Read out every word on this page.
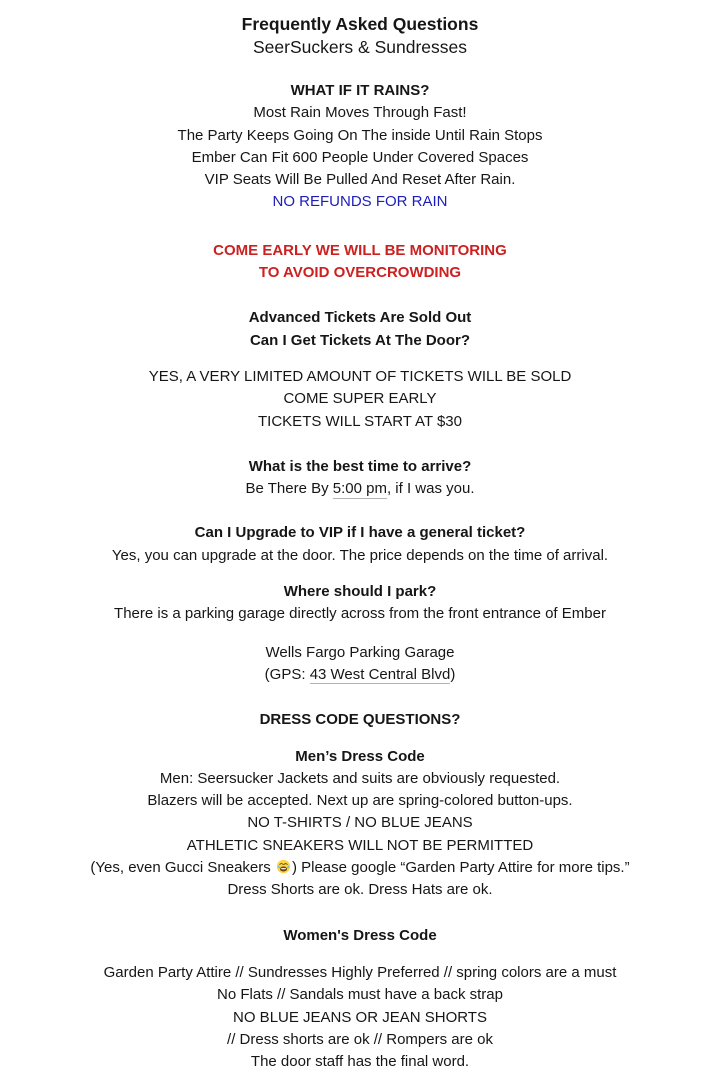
Frequently Asked Questions
SeerSuckers & Sundresses
WHAT IF IT RAINS?
Most Rain Moves Through Fast!
The Party Keeps Going On The inside Until Rain Stops
Ember Can Fit 600 People Under Covered Spaces
VIP Seats Will Be Pulled And Reset After Rain.
NO REFUNDS FOR RAIN
COME EARLY WE WILL BE MONITORING
TO AVOID OVERCROWDING
Advanced Tickets Are Sold Out
Can I Get Tickets At The Door?
YES, A VERY LIMITED AMOUNT OF TICKETS WILL BE SOLD
COME SUPER EARLY
TICKETS WILL START AT $30
What is the best time to arrive?
Be There By 5:00 pm, if I was you.
Can I Upgrade to VIP if I have a general ticket?
Yes, you can upgrade at the door. The price depends on the time of arrival.
Where should I park?
There is a parking garage directly across from the front entrance of Ember
Wells Fargo Parking Garage
(GPS: 43 West Central Blvd)
DRESS CODE QUESTIONS?
Men’s Dress Code
Men: Seersucker Jackets and suits are obviously requested.
Blazers will be accepted. Next up are spring-colored button-ups.
NO T-SHIRTS / NO BLUE JEANS
ATHLETIC SNEAKERS WILL NOT BE PERMITTED
(Yes, even Gucci Sneakers ) Please google “Garden Party Attire for more tips.”
Dress Shorts are ok. Dress Hats are ok.
Women's Dress Code
Garden Party Attire // Sundresses Highly Preferred // spring colors are a must
No Flats // Sandals must have a back strap
NO BLUE JEANS OR JEAN SHORTS
// Dress shorts are ok // Rompers are ok
The door staff has the final word.
